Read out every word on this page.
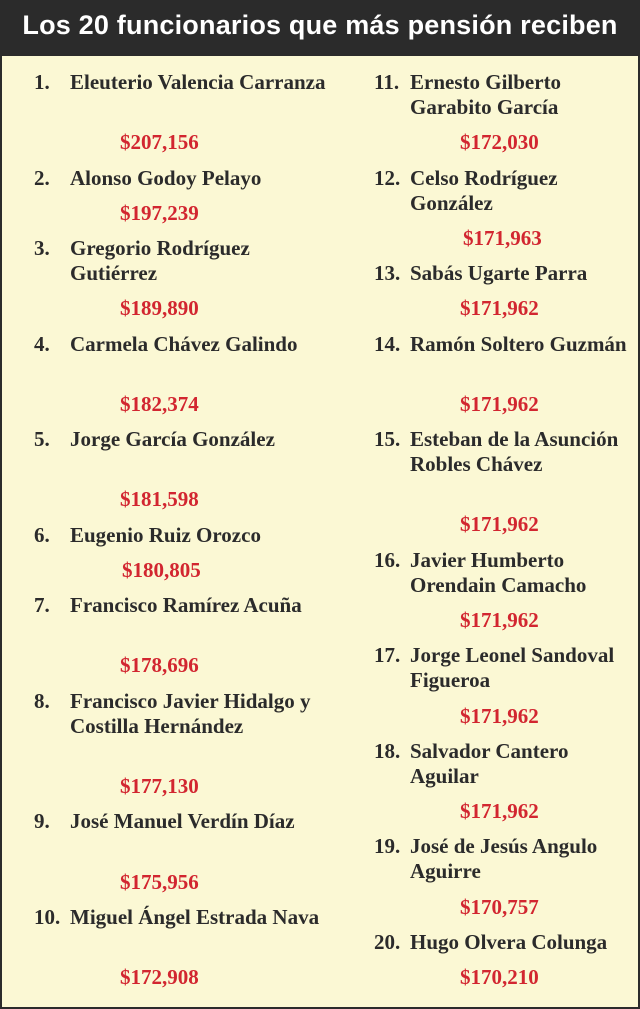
Los 20 funcionarios que más pensión reciben
1. Eleuterio Valencia Carranza
$207,156
2. Alonso Godoy Pelayo
$197,239
3. Gregorio Rodríguez Gutiérrez
$189,890
4. Carmela Chávez Galindo
$182,374
5. Jorge García González
$181,598
6. Eugenio Ruiz Orozco
$180,805
7. Francisco Ramírez Acuña
$178,696
8. Francisco Javier Hidalgo y Costilla Hernández
$177,130
9. José Manuel Verdín Díaz
$175,956
10. Miguel Ángel Estrada Nava
$172,908
11. Ernesto Gilberto Garabito García
$172,030
12. Celso Rodríguez González
$171,963
13. Sabás Ugarte Parra
$171,962
14. Ramón Soltero Guzmán
$171,962
15. Esteban de la Asunción Robles Chávez
$171,962
16. Javier Humberto Orendain Camacho
$171,962
17. Jorge Leonel Sandoval Figueroa
$171,962
18. Salvador Cantero Aguilar
$171,962
19. José de Jesús Angulo Aguirre
$170,757
20. Hugo Olvera Colunga
$170,210
